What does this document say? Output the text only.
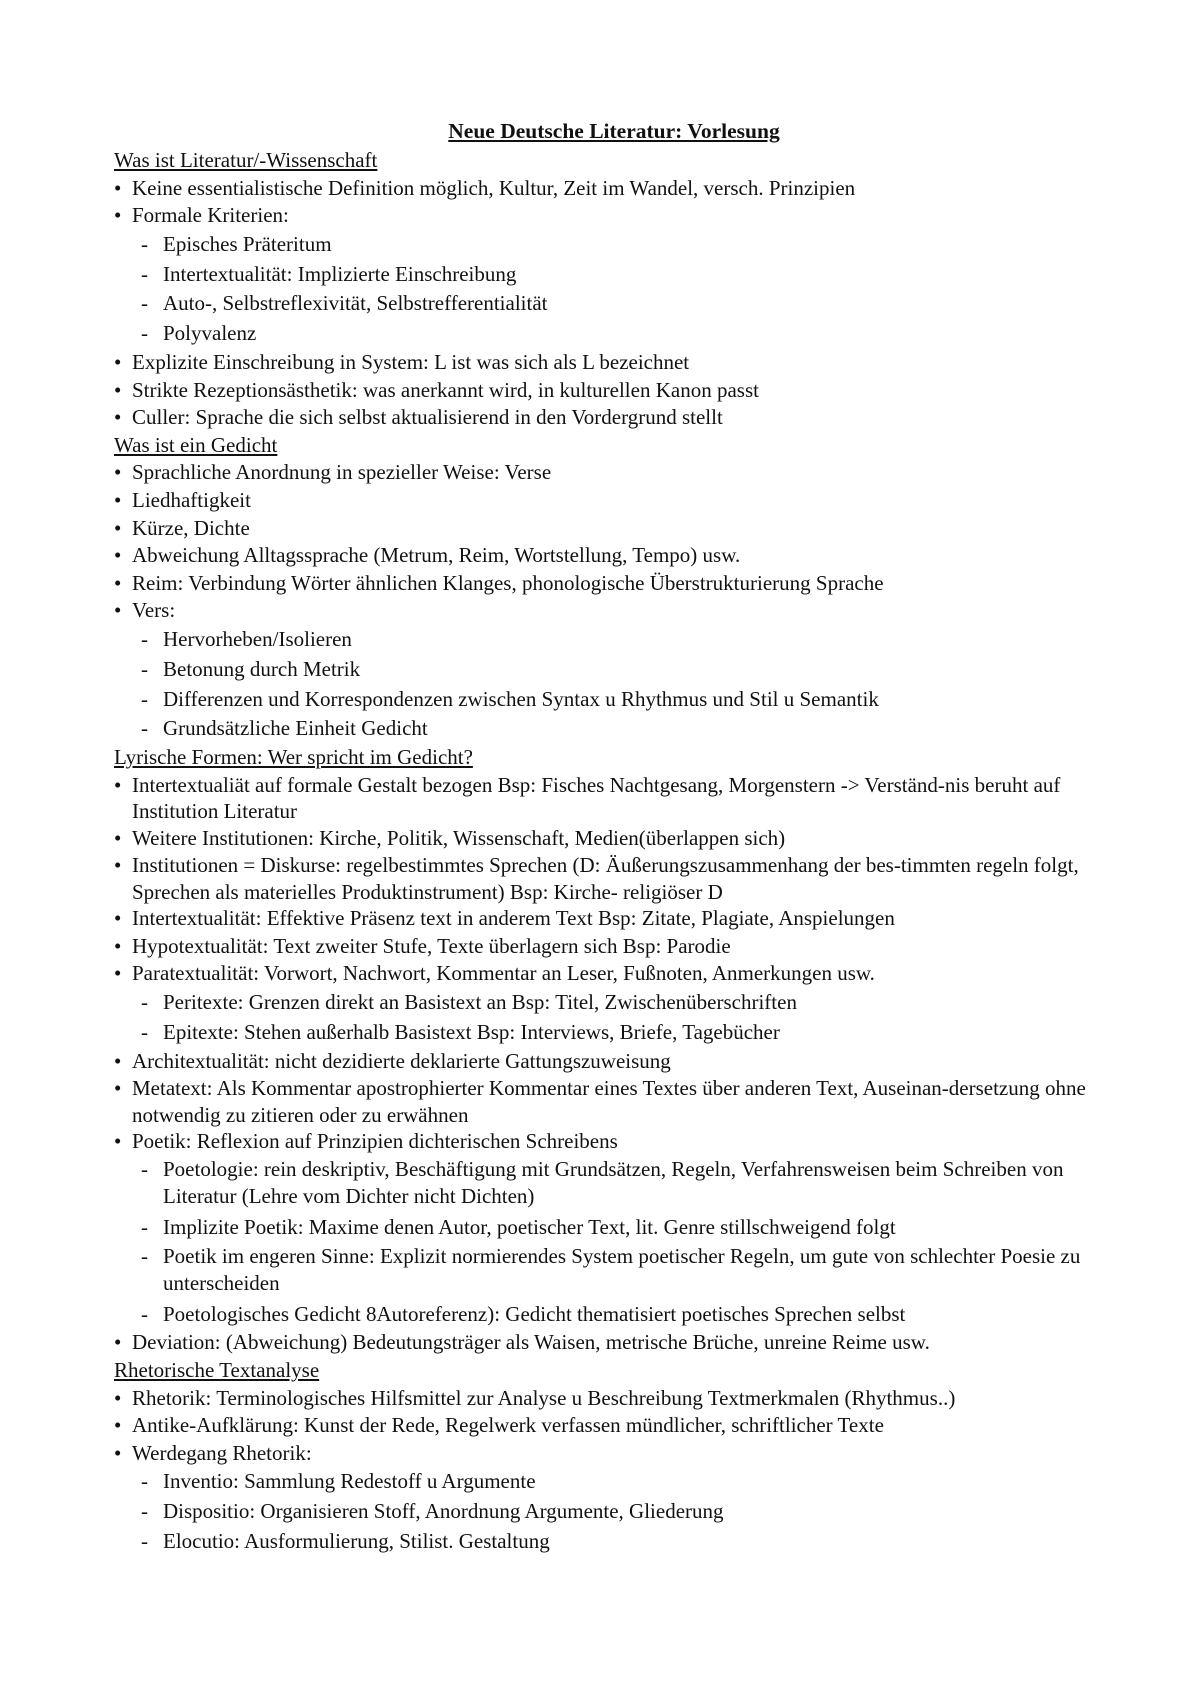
Neue Deutsche Literatur: Vorlesung

Was ist Literatur/-Wissenschaft

• Keine essentialistische Definition möglich, Kultur, Zeit im Wandel, versch. Prinzipien

• Formale Kriterien:

- Episches Präteritum

- Intertextualität: Implizierte Einschreibung

- Auto-, Selbstreflexivität, Selbstrefferentialität

- Polyvalenz

• Explizite Einschreibung in System: L ist was sich als L bezeichnet

• Strikte Rezeptionsästhetik: was anerkannt wird, in kulturellen Kanon passt

• Culler: Sprache die sich selbst aktualisierend in den Vordergrund stellt

Was ist ein Gedicht

• Sprachliche Anordnung in spezieller Weise: Verse

• Liedhaftigkeit

• Kürze, Dichte

• Abweichung Alltagssprache (Metrum, Reim, Wortstellung, Tempo) usw.

• Reim: Verbindung Wörter ähnlichen Klanges, phonologische Überstrukturierung Sprache

• Vers:

- Hervorheben/Isolieren

- Betonung durch Metrik

- Differenzen und Korrespondenzen zwischen Syntax u Rhythmus und Stil u Semantik

- Grundsätzliche Einheit Gedicht

Lyrische Formen: Wer spricht im Gedicht?

• Intertextualiät auf formale Gestalt bezogen Bsp: Fisches Nachtgesang, Morgenstern -> Verständ-nis beruht auf Institution Literatur

• Weitere Institutionen: Kirche, Politik, Wissenschaft, Medien(überlappen sich)

• Institutionen = Diskurse: regelbestimmtes Sprechen (D: Äußerungszusammenhang der bes-timmten regeln folgt, Sprechen als materielles Produktinstrument) Bsp: Kirche- religiöser D

• Intertextualität: Effektive Präsenz text in anderem Text Bsp: Zitate, Plagiate, Anspielungen

• Hypotextualität: Text zweiter Stufe, Texte überlagern sich Bsp: Parodie

• Paratextualität: Vorwort, Nachwort, Kommentar an Leser, Fußnoten, Anmerkungen usw.

- Peritexte: Grenzen direkt an Basistext an Bsp: Titel, Zwischenüberschriften

- Epitexte: Stehen außerhalb Basistext Bsp: Interviews, Briefe, Tagebücher

• Architextualität: nicht dezidierte deklarierte Gattungszuweisung

• Metatext: Als Kommentar apostrophierter Kommentar eines Textes über anderen Text, Auseinan-dersetzung ohne notwendig zu zitieren oder zu erwähnen

• Poetik: Reflexion auf Prinzipien dichterischen Schreibens

- Poetologie: rein deskriptiv, Beschäftigung mit Grundsätzen, Regeln, Verfahrensweisen beim Schreiben von Literatur (Lehre vom Dichter nicht Dichten)

- Implizite Poetik: Maxime denen Autor, poetischer Text, lit. Genre stillschweigend folgt

- Poetik im engeren Sinne: Explizit normierendes System poetischer Regeln, um gute von schlechter Poesie zu unterscheiden

- Poetologisches Gedicht 8Autoreferenz): Gedicht thematisiert poetisches Sprechen selbst

• Deviation: (Abweichung) Bedeutungsträger als Waisen, metrische Brüche, unreine Reime usw.

Rhetorische Textanalyse

• Rhetorik: Terminologisches Hilfsmittel zur Analyse u Beschreibung Textmerkmalen (Rhythmus..)

• Antike-Aufklärung: Kunst der Rede, Regelwerk verfassen mündlicher, schriftlicher Texte

• Werdegang Rhetorik:

- Inventio: Sammlung Redestoff u Argumente

- Dispositio: Organisieren Stoff, Anordnung Argumente, Gliederung

- Elocutio: Ausformulierung, Stilist. Gestaltung
